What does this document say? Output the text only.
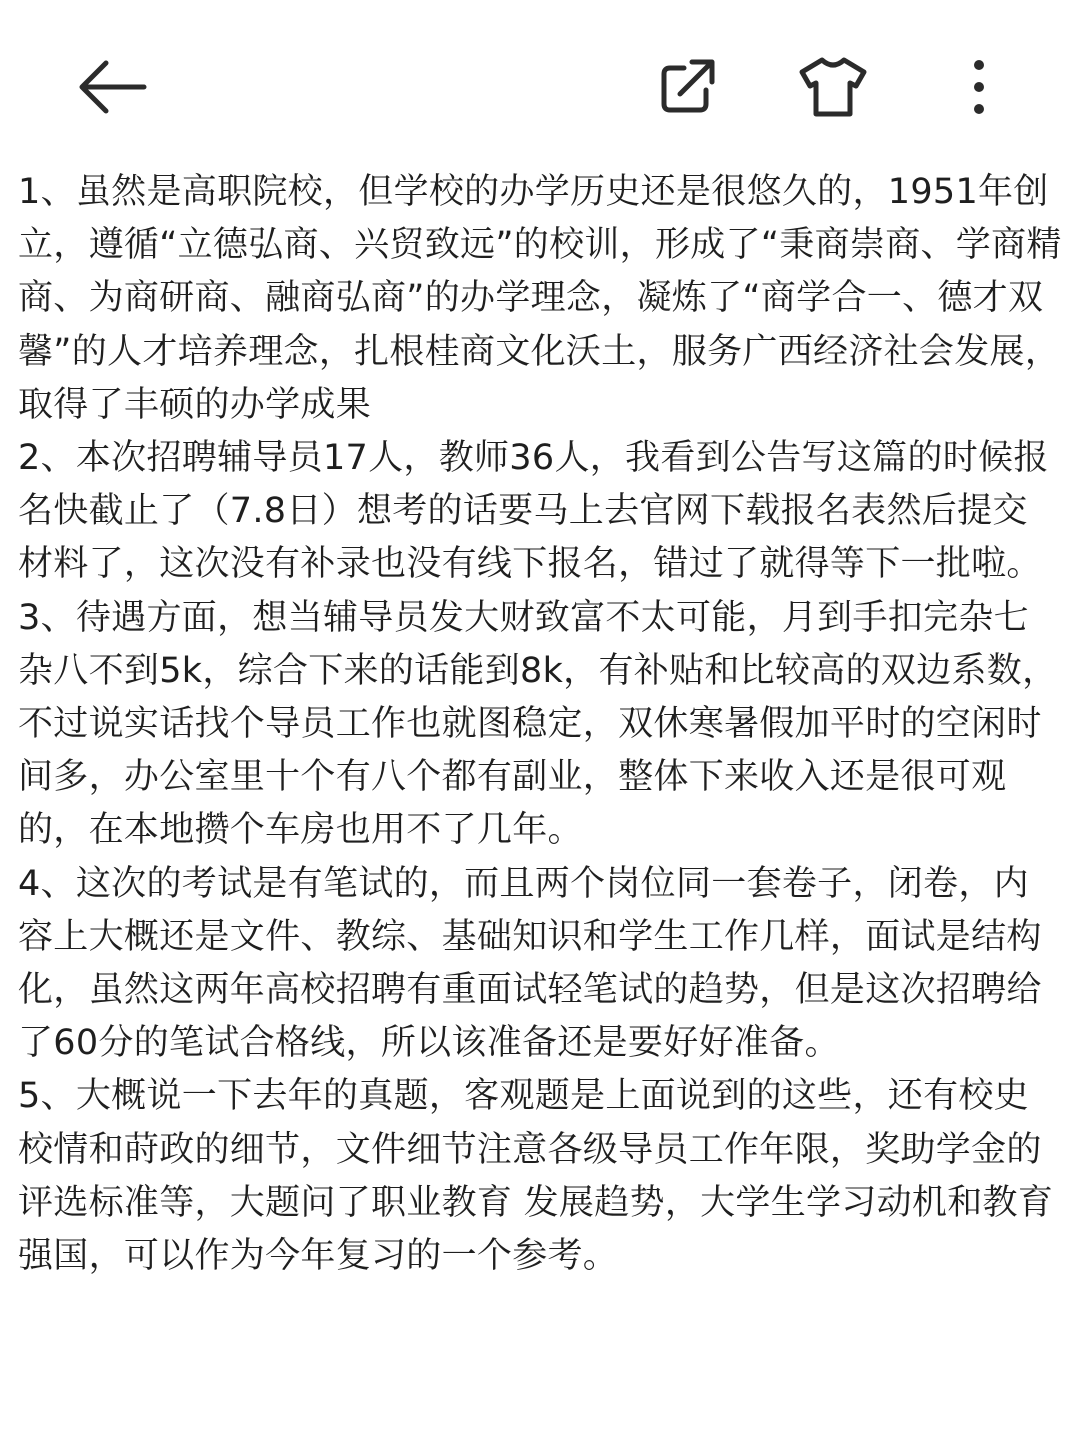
1、虽然是高职院校，但学校的办学历史还是很悠久的，1951年创立，遵循“立德弘商、兴贸致远”的校训，形成了“秉商崇商、学商精商、为商研商、融商弘商”的办学理念，凝炼了“商学合一、德才双馨”的人才培养理念，扎根桂商文化沃土，服务广西经济社会发展，取得了丰硕的办学成果

2、本次招聘辅导员17人，教师36人，我看到公告写这篇的时候报名快截止了（7.8日）想考的话要马上去官网下载报名表然后提交材料了，这次没有补录也没有线下报名，错过了就得等下一批啦。

3、待遇方面，想当辅导员发大财致富不太可能，月到手扣完杂七杂八不到5k，综合下来的话能到8k，有补贴和比较高的双边系数，不过说实话找个导员工作也就图稳定，双休寒暑假加平时的空闲时间多，办公室里十个有八个都有副业，整体下来收入还是很可观的，在本地攒个车房也用不了几年。

4、这次的考试是有笔试的，而且两个岗位同一套卷子，闭卷，内容上大概还是文件、教综、基础知识和学生工作几样，面试是结构化，虽然这两年高校招聘有重面试轻笔试的趋势，但是这次招聘给了60分的笔试合格线，所以该准备还是要好好准备。

5、大概说一下去年的真题，客观题是上面说到的这些，还有校史校情和莳政的细节，文件细节注意各级导员工作年限，奖助学金的评选标准等，大题问了职业教育 发展趋势，大学生学习动机和教育强国，可以作为今年复习的一个参考。
